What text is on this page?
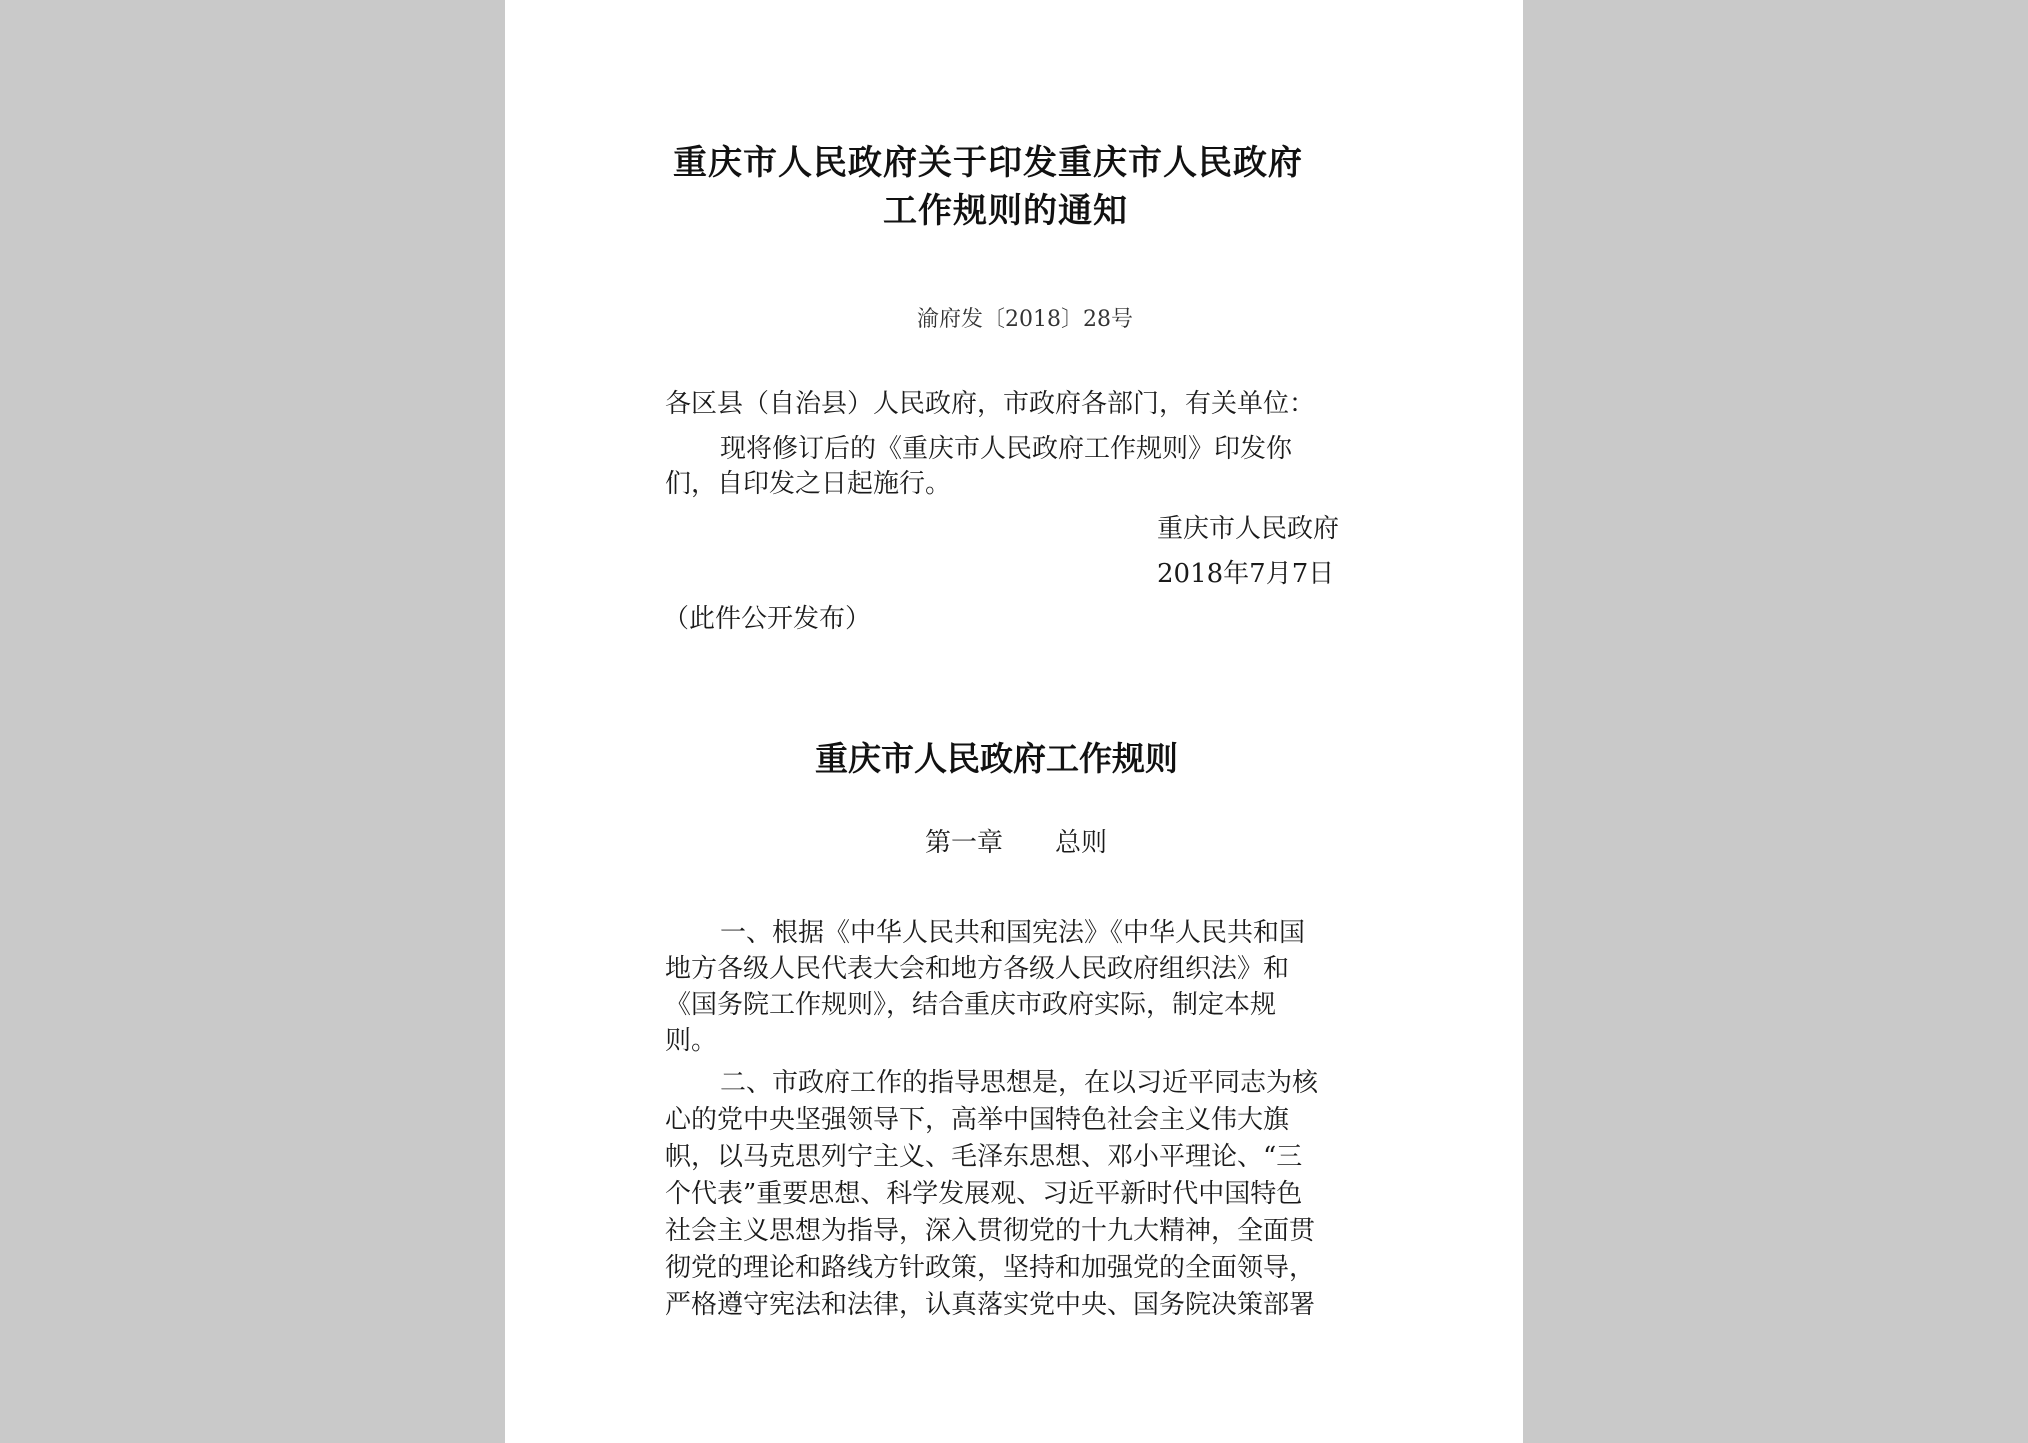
重庆市人民政府关于印发重庆市人民政府
工作规则的通知
渝府发〔2018〕28号
各区县（自治县）人民政府，市政府各部门，有关单位：
现将修订后的《重庆市人民政府工作规则》印发你
们，自印发之日起施行。
重庆市人民政府
2018年7月7日
（此件公开发布）
重庆市人民政府工作规则
第一章　　总则
一、根据《中华人民共和国宪法》《中华人民共和国
地方各级人民代表大会和地方各级人民政府组织法》和
《国务院工作规则》，结合重庆市政府实际，制定本规
则。
二、市政府工作的指导思想是，在以习近平同志为核
心的党中央坚强领导下，高举中国特色社会主义伟大旗
帜，以马克思列宁主义、毛泽东思想、邓小平理论、“三
个代表”重要思想、科学发展观、习近平新时代中国特色
社会主义思想为指导，深入贯彻党的十九大精神，全面贯
彻党的理论和路线方针政策，坚持和加强党的全面领导，
严格遵守宪法和法律，认真落实党中央、国务院决策部署
